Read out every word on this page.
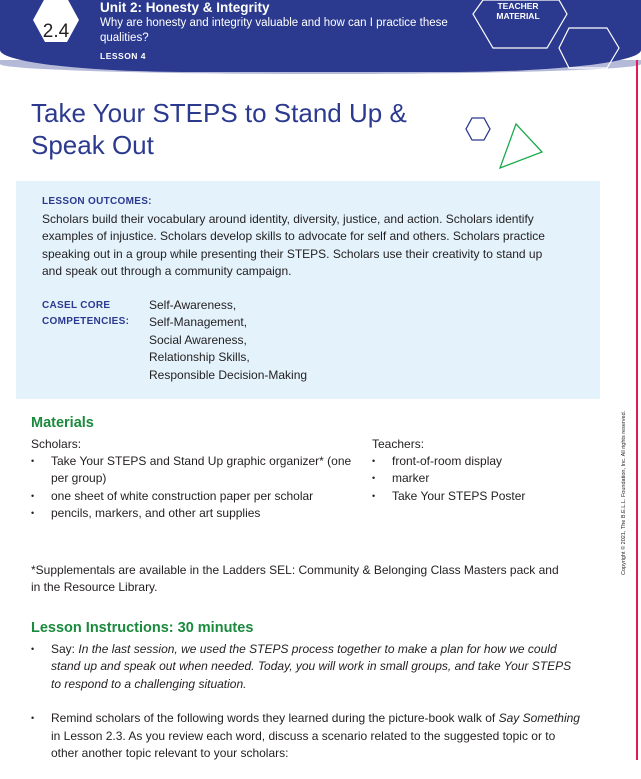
2.4
Unit 2: Honesty & Integrity
Why are honesty and integrity valuable and how can I practice these qualities?
LESSON 4
TEACHER
MATERIAL
Copyright © 2021, The B.E.L.L. Foundation, Inc. All rights reserved.
Take Your STEPS to Stand Up & Speak Out
LESSON OUTCOMES:
Scholars build their vocabulary around identity, diversity, justice, and action. Scholars identify examples of injustice. Scholars develop skills to advocate for self and others. Scholars practice speaking out in a group while presenting their STEPS. Scholars use their creativity to stand up and speak out through a community campaign.
CASEL CORE
COMPETENCIES:
Self-Awareness,
Self-Management,
Social Awareness,
Relationship Skills,
Responsible Decision-Making
Materials
Scholars:	Teachers:
• Take Your STEPS and Stand Up graphic organizer* (one per group)
• one sheet of white construction paper per scholar
• pencils, markers, and other art supplies
• front-of-room display
• marker
• Take Your STEPS Poster
*Supplementals are available in the Ladders SEL: Community & Belonging Class Masters pack and in the Resource Library.
Lesson Instructions: 30 minutes
• Say: In the last session, we used the STEPS process together to make a plan for how we could stand up and speak out when needed. Today, you will work in small groups, and take Your STEPS to respond to a challenging situation.
• Remind scholars of the following words they learned during the picture-book walk of Say Something in Lesson 2.3. As you review each word, discuss a scenario related to the suggested topic or to other another topic relevant to your scholars:
